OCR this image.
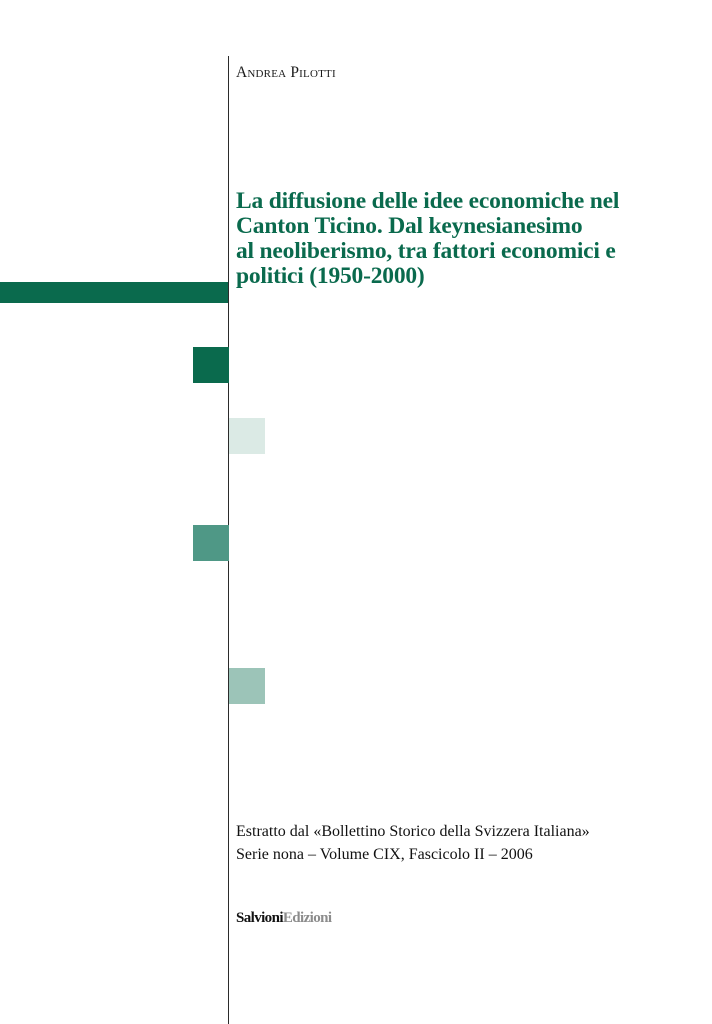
Andrea Pilotti
La diffusione delle idee economiche nel
Canton Ticino. Dal keynesianesimo
al neoliberismo, tra fattori economici e
politici (1950-2000)
Estratto dal «Bollettino Storico della Svizzera Italiana»
Serie nona – Volume CIX, Fascicolo II – 2006
SalvioniEdizioni
